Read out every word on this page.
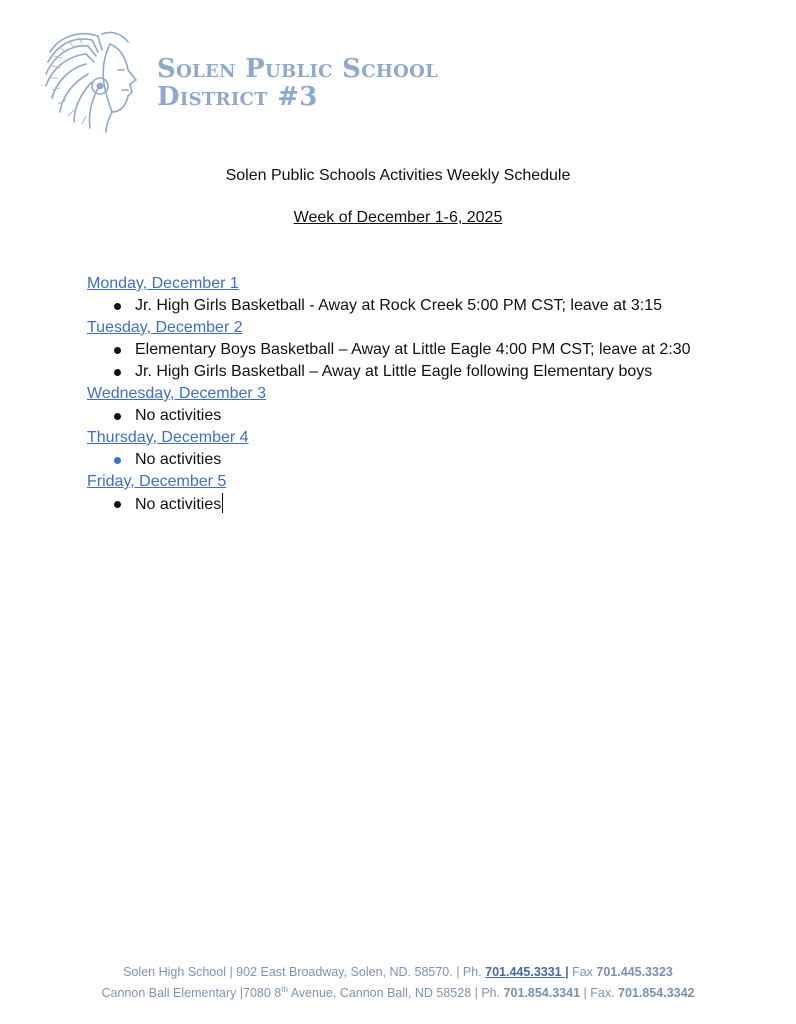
Solen Public School
District #3
Solen Public Schools Activities Weekly Schedule
Week of December 1-6, 2025
Monday, December 1
Jr. High Girls Basketball - Away at Rock Creek 5:00 PM CST; leave at 3:15
Tuesday, December 2
Elementary Boys Basketball – Away at Little Eagle 4:00 PM CST; leave at 2:30
Jr. High Girls Basketball – Away at Little Eagle following Elementary boys
Wednesday, December 3
No activities
Thursday, December 4
No activities
Friday, December 5
No activities
Solen High School | 902 East Broadway, Solen, ND. 58570. | Ph. 701.445.3331 | Fax 701.445.3323
Cannon Ball Elementary |7080 8th Avenue, Cannon Ball, ND 58528 | Ph. 701.854.3341 | Fax. 701.854.3342
